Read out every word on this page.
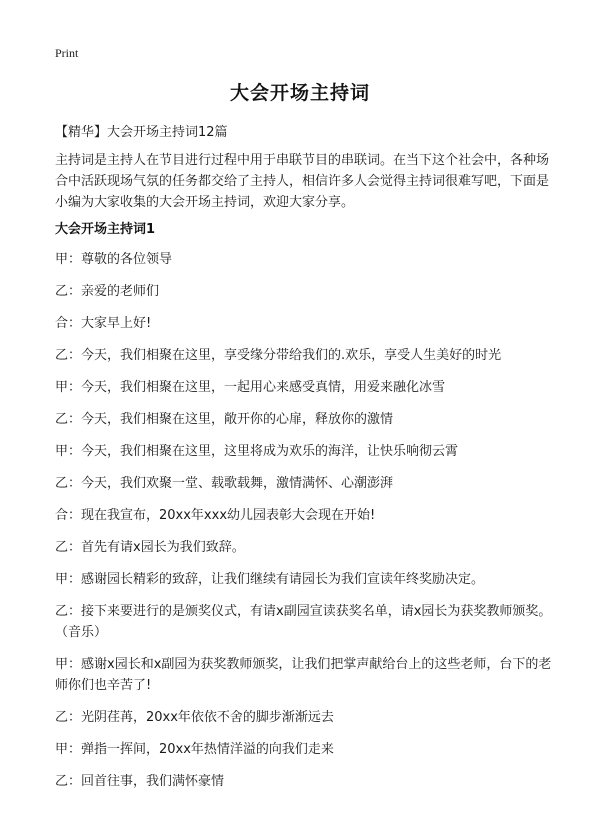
Print
大会开场主持词
【精华】大会开场主持词12篇
主持词是主持人在节目进行过程中用于串联节目的串联词。在当下这个社会中，各种场合中活跃现场气氛的任务都交给了主持人，相信许多人会觉得主持词很难写吧，下面是小编为大家收集的大会开场主持词，欢迎大家分享。
大会开场主持词1
甲：尊敬的各位领导
乙：亲爱的老师们
合：大家早上好!
乙：今天，我们相聚在这里，享受缘分带给我们的.欢乐，享受人生美好的时光
甲：今天，我们相聚在这里，一起用心来感受真情，用爱来融化冰雪
乙：今天，我们相聚在这里，敞开你的心扉，释放你的激情
甲：今天，我们相聚在这里，这里将成为欢乐的海洋，让快乐响彻云霄
乙：今天，我们欢聚一堂、载歌载舞，激情满怀、心潮澎湃
合：现在我宣布，20xx年xxx幼儿园表彰大会现在开始!
乙：首先有请x园长为我们致辞。
甲：感谢园长精彩的致辞，让我们继续有请园长为我们宣读年终奖励决定。
乙：接下来要进行的是颁奖仪式，有请x副园宣读获奖名单，请x园长为获奖教师颁奖。（音乐）
甲：感谢x园长和x副园为获奖教师颁奖，让我们把掌声献给台上的这些老师，台下的老师你们也辛苦了!
乙：光阴荏苒，20xx年依依不舍的脚步渐渐远去
甲：弹指一挥间，20xx年热情洋溢的向我们走来
乙：回首往事，我们满怀豪情
